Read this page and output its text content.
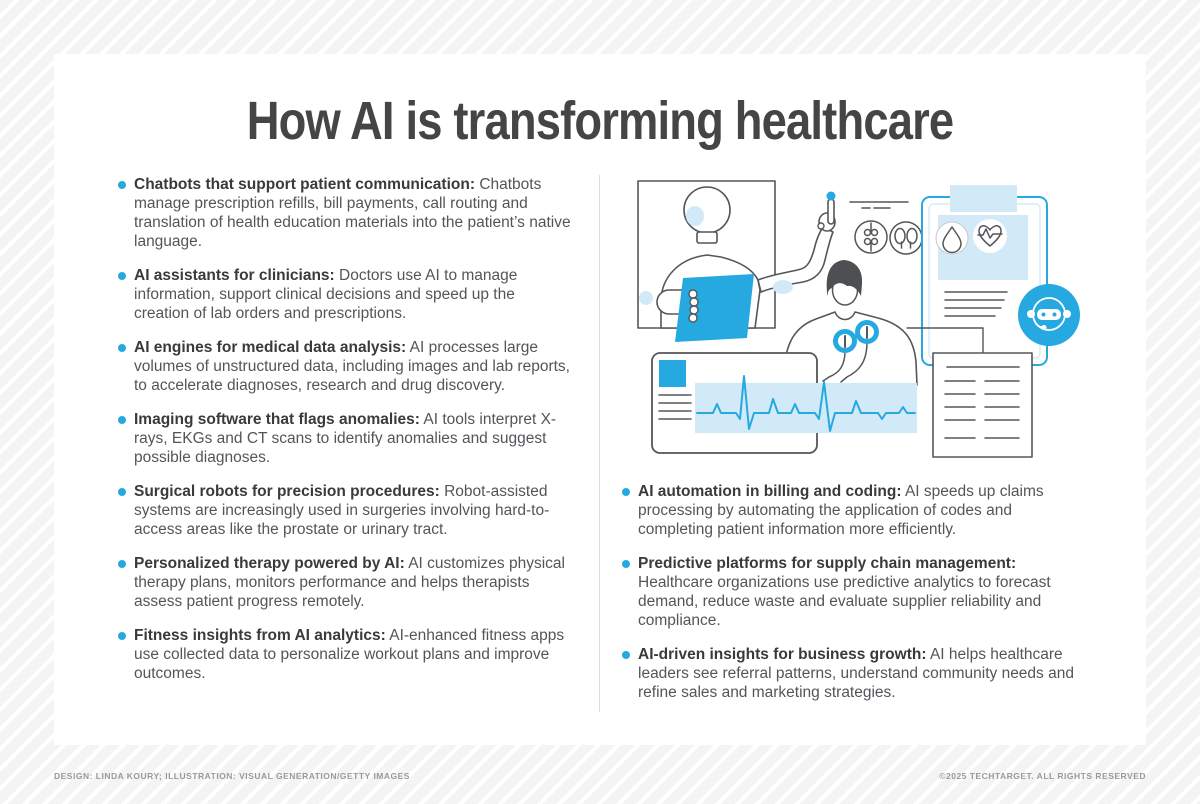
How AI is transforming healthcare
Chatbots that support patient communication: Chatbots manage prescription refills, bill payments, call routing and translation of health education materials into the patient’s native language.
AI assistants for clinicians: Doctors use AI to manage information, support clinical decisions and speed up the creation of lab orders and prescriptions.
AI engines for medical data analysis: AI processes large volumes of unstructured data, including images and lab reports, to accelerate diagnoses, research and drug discovery.
Imaging software that flags anomalies: AI tools interpret X-rays, EKGs and CT scans to identify anomalies and suggest possible diagnoses.
Surgical robots for precision procedures: Robot-assisted systems are increasingly used in surgeries involving hard-to-access areas like the prostate or urinary tract.
Personalized therapy powered by AI: AI customizes physical therapy plans, monitors performance and helps therapists assess patient progress remotely.
Fitness insights from AI analytics: AI-enhanced fitness apps use collected data to personalize workout plans and improve outcomes.
AI automation in billing and coding: AI speeds up claims processing by automating the application of codes and completing patient information more efficiently.
Predictive platforms for supply chain management: Healthcare organizations use predictive analytics to forecast demand, reduce waste and evaluate supplier reliability and compliance.
AI-driven insights for business growth: AI helps healthcare leaders see referral patterns, understand community needs and refine sales and marketing strategies.
DESIGN: LINDA KOURY; ILLUSTRATION: VISUAL GENERATION/GETTY IMAGES	©2025 TECHTARGET. ALL RIGHTS RESERVED
